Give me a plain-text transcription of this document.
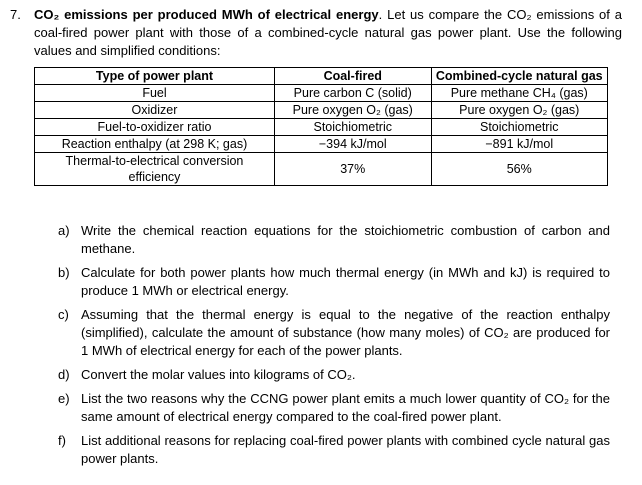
7. CO₂ emissions per produced MWh of electrical energy. Let us compare the CO₂ emissions of a coal-fired power plant with those of a combined-cycle natural gas power plant. Use the following values and simplified conditions:
Type of power plant	Coal-fired	Combined-cycle natural gas
Fuel	Pure carbon C (solid)	Pure methane CH₄ (gas)
Oxidizer	Pure oxygen O₂ (gas)	Pure oxygen O₂ (gas)
Fuel-to-oxidizer ratio	Stoichiometric	Stoichiometric
Reaction enthalpy (at 298 K; gas)	−394 kJ/mol	−891 kJ/mol
Thermal-to-electrical conversion efficiency	37%	56%
a) Write the chemical reaction equations for the stoichiometric combustion of carbon and methane.
b) Calculate for both power plants how much thermal energy (in MWh and kJ) is required to produce 1 MWh or electrical energy.
c) Assuming that the thermal energy is equal to the negative of the reaction enthalpy (simplified), calculate the amount of substance (how many moles) of CO₂ are produced for 1 MWh of electrical energy for each of the power plants.
d) Convert the molar values into kilograms of CO₂.
e) List the two reasons why the CCNG power plant emits a much lower quantity of CO₂ for the same amount of electrical energy compared to the coal-fired power plant.
f)	List additional reasons for replacing coal-fired power plants with combined cycle natural gas power plants.
